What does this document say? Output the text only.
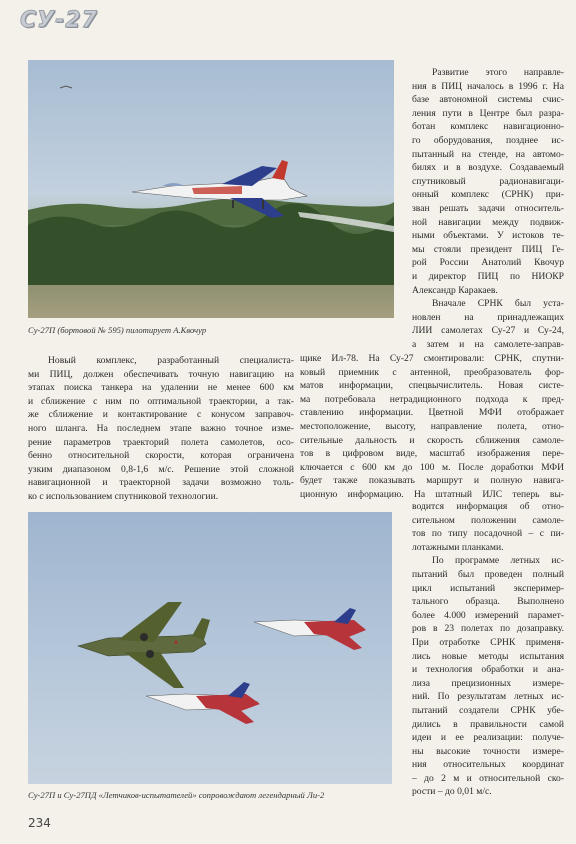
СУ-27
Су-27П (бортовой № 595) пилотирует А.Квочур
Развитие этого направле-
ния в ПИЦ началось в 1996 г. На
базе автономной системы счис-
ления пути в Центре был разра-
ботан комплекс навигационно-
го оборудования, позднее ис-
пытанный на стенде, на автомо-
билях и в воздухе. Создаваемый
спутниковый радионавигаци-
онный комплекс (СРНК) при-
зван решать задачи относитель-
ной навигации между подвиж-
ными объектами. У истоков те-
мы стояли президент ПИЦ Ге-
рой России Анатолий Квочур
и директор ПИЦ по НИОКР
Александр Каракаев.
Вначале СРНК был уста-
новлен на принадлежащих
ЛИИ самолетах Су-27 и Су-24,
а затем и на самолете-заправ-
Новый комплекс, разработанный специалиста-
ми ПИЦ, должен обеспечивать точную навигацию на
этапах поиска танкера на удалении не менее 600 км
и сближение с ним по оптимальной траектории, а так-
же сближение и контактирование с конусом заправоч-
ного шланга. На последнем этапе важно точное изме-
рение параметров траекторий полета самолетов, осо-
бенно относительной скорости, которая ограничена
узким диапазоном 0,8-1,6 м/с. Решение этой сложной
навигационной и траекторной задачи возможно толь-
ко с использованием спутниковой технологии.
щике Ил-78. На Су-27 смонтировали: СРНК, спутни-
ковый приемник с антенной, преобразователь фор-
матов информации, спецвычислитель. Новая систе-
ма потребовала нетрадиционного подхода к пред-
ставлению информации. Цветной МФИ отображает
местоположение, высоту, направление полета, отно-
сительные дальность и скорость сближения самоле-
тов в цифровом виде, масштаб изображения пере-
ключается с 600 км до 100 м. После доработки МФИ
будет также показывать маршрут и полную навига-
ционную информацию. На штатный ИЛС теперь вы-
Су-27П и Су-27ПД «Летчиков-испытателей» сопровождают легендарный Ли-2
водится информация об отно-
сительном положении самоле-
тов по типу посадочной – с пи-
лотажными планками.
По программе летных ис-
пытаний был проведен полный
цикл испытаний экспеример-
тального образца. Выполнено
более 4.000 измерений парамет-
ров в 23 полетах по дозаправку.
При отработке СРНК применя-
лись новые методы испытания
и технология обработки и ана-
лиза прецизионных измере-
ний. По результатам летных ис-
пытаний создатели СРНК убе-
дились в правильности самой
идеи и ее реализации: получе-
ны высокие точности измере-
ния относительных координат
– до 2 м и относительной ско-
рости – до 0,01 м/с.
234
